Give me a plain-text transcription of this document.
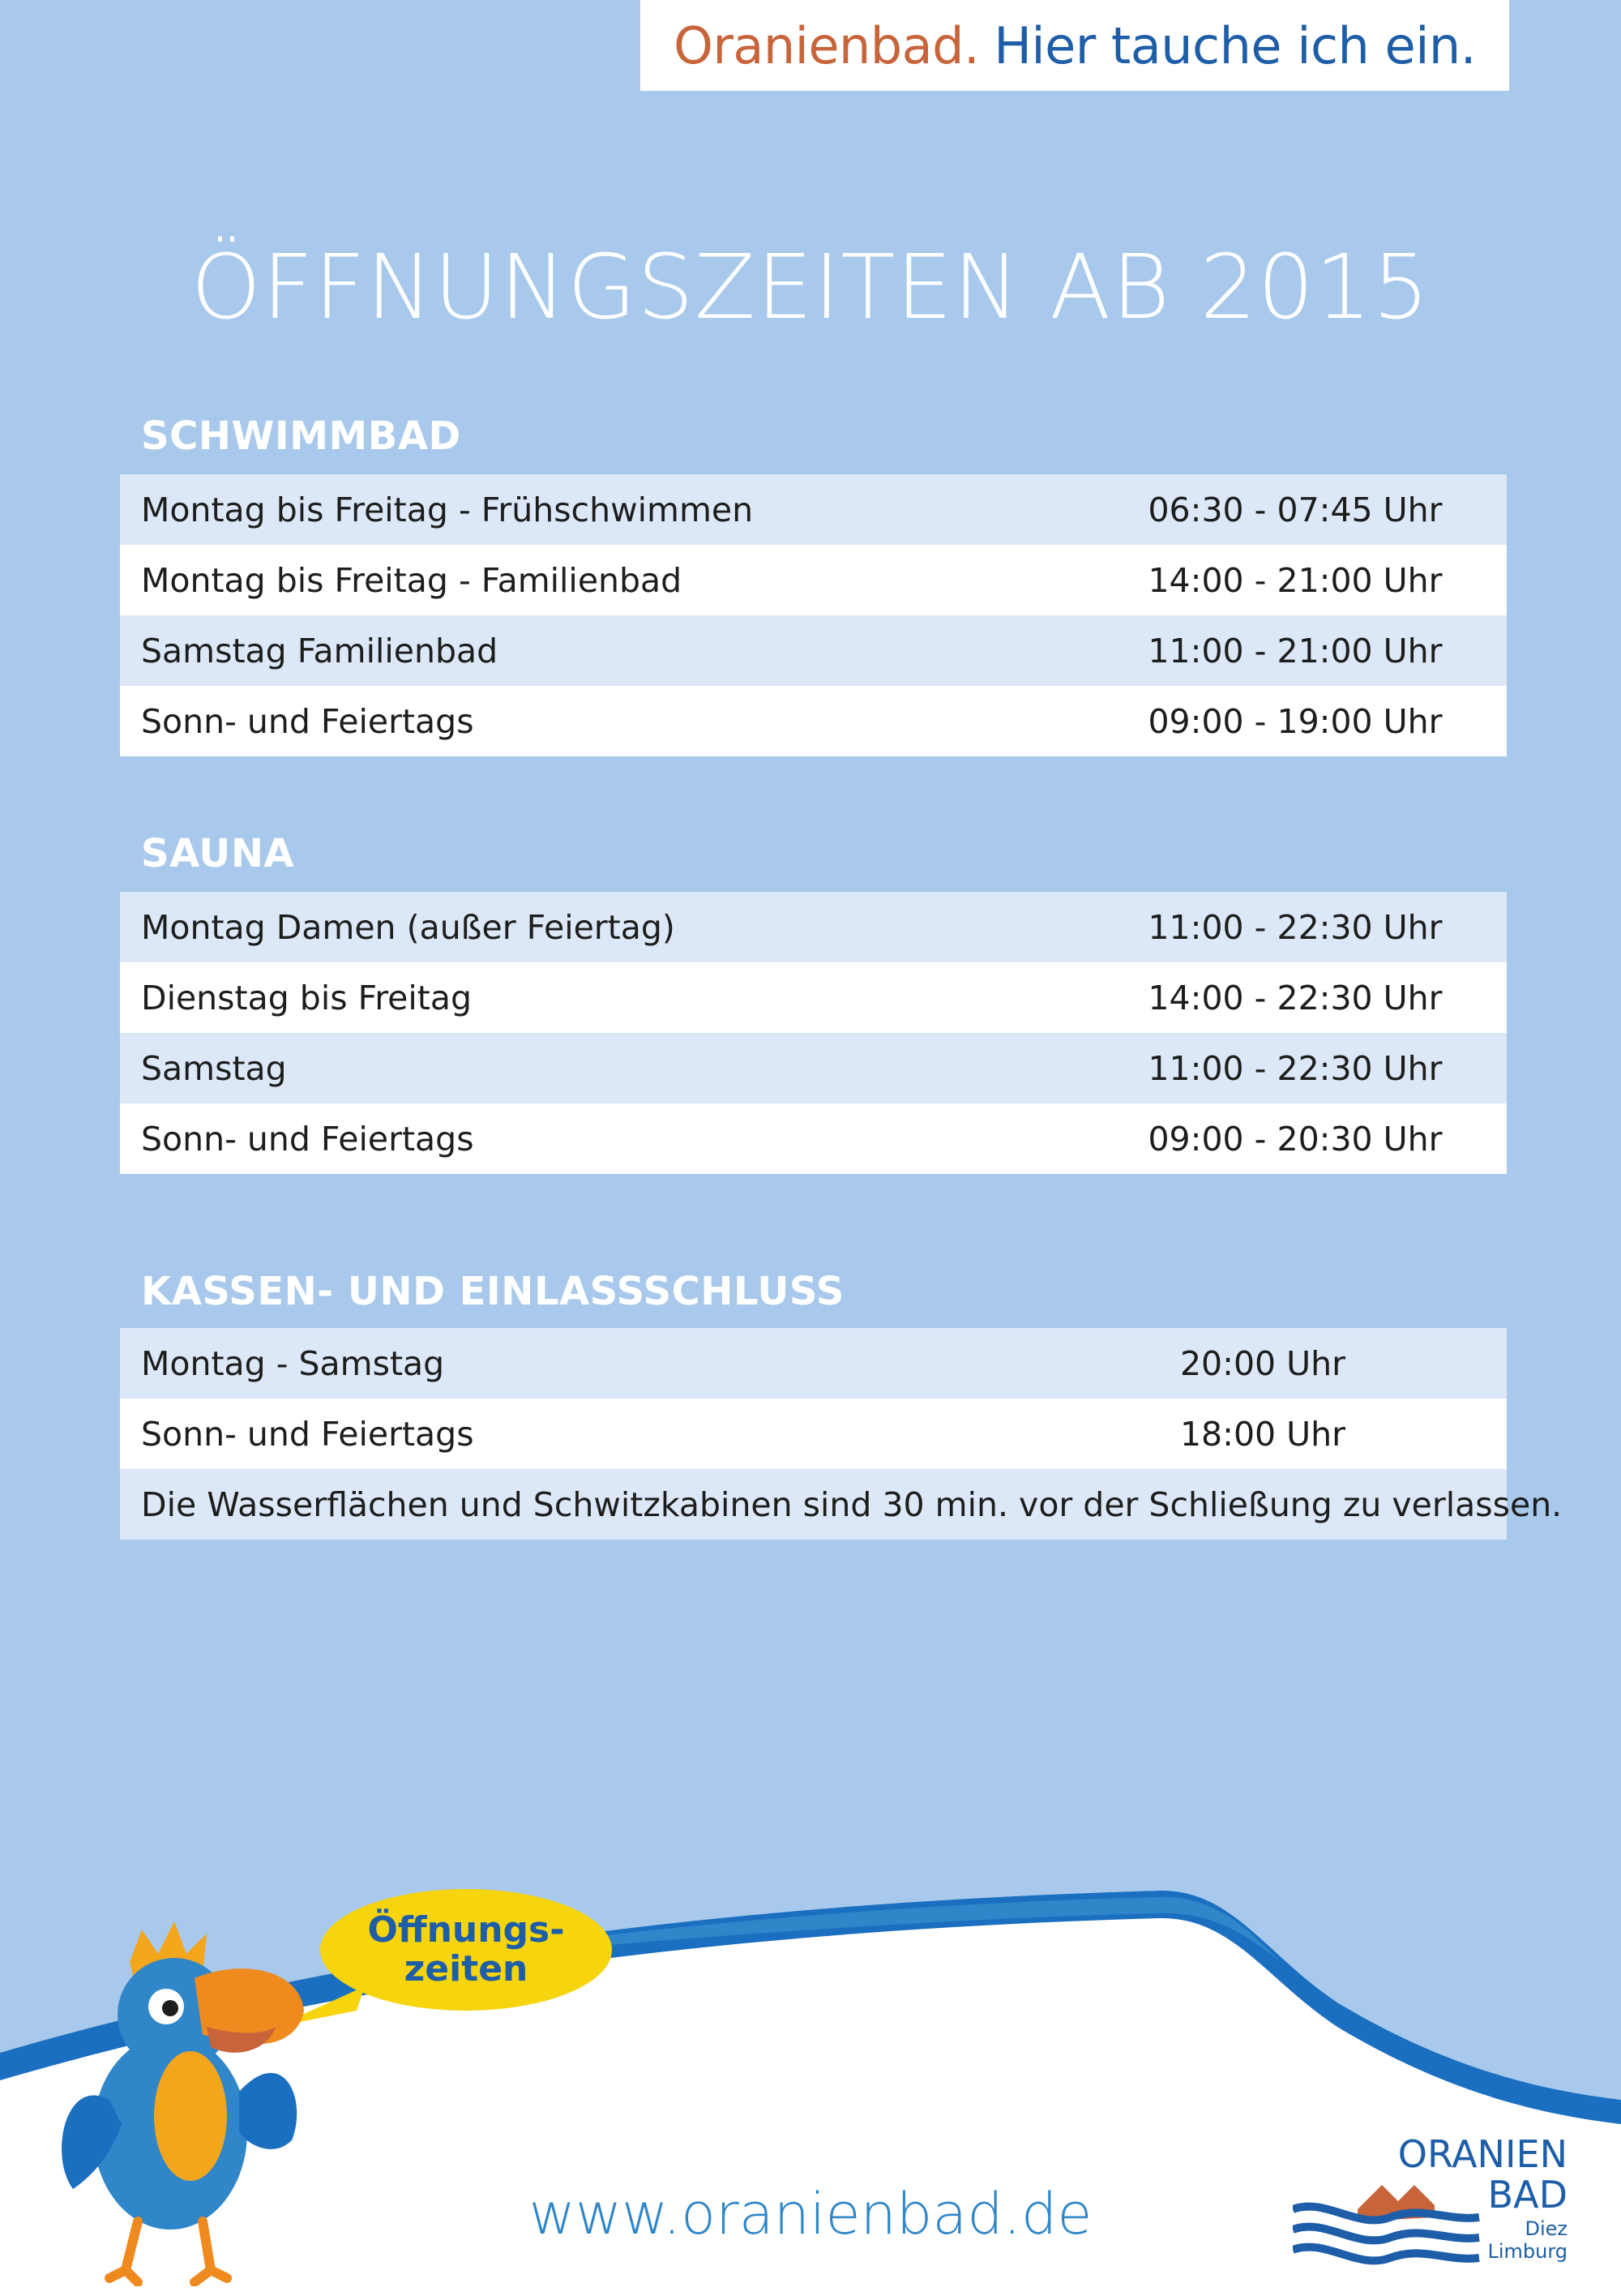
Oranienbad. Hier tauche ich ein.
ÖFFNUNGSZEITEN AB 2015
SCHWIMMBAD
Montag bis Freitag - Frühschwimmen	06:30 - 07:45 Uhr
Montag bis Freitag - Familienbad	14:00 - 21:00 Uhr
Samstag Familienbad	11:00 - 21:00 Uhr
Sonn- und Feiertags	09:00 - 19:00 Uhr
SAUNA
Montag Damen (außer Feiertag)	11:00 - 22:30 Uhr
Dienstag bis Freitag	14:00 - 22:30 Uhr
Samstag	11:00 - 22:30 Uhr
Sonn- und Feiertags	09:00 - 20:30 Uhr
KASSEN- UND EINLASSSCHLUSS
Montag - Samstag	20:00 Uhr
Sonn- und Feiertags	18:00 Uhr
Die Wasserflächen und Schwitzkabinen sind 30 min. vor der Schließung zu verlassen.
Öffnungs-
zeiten
www.oranienbad.de
ORANIEN
BAD
Diez
Limburg
